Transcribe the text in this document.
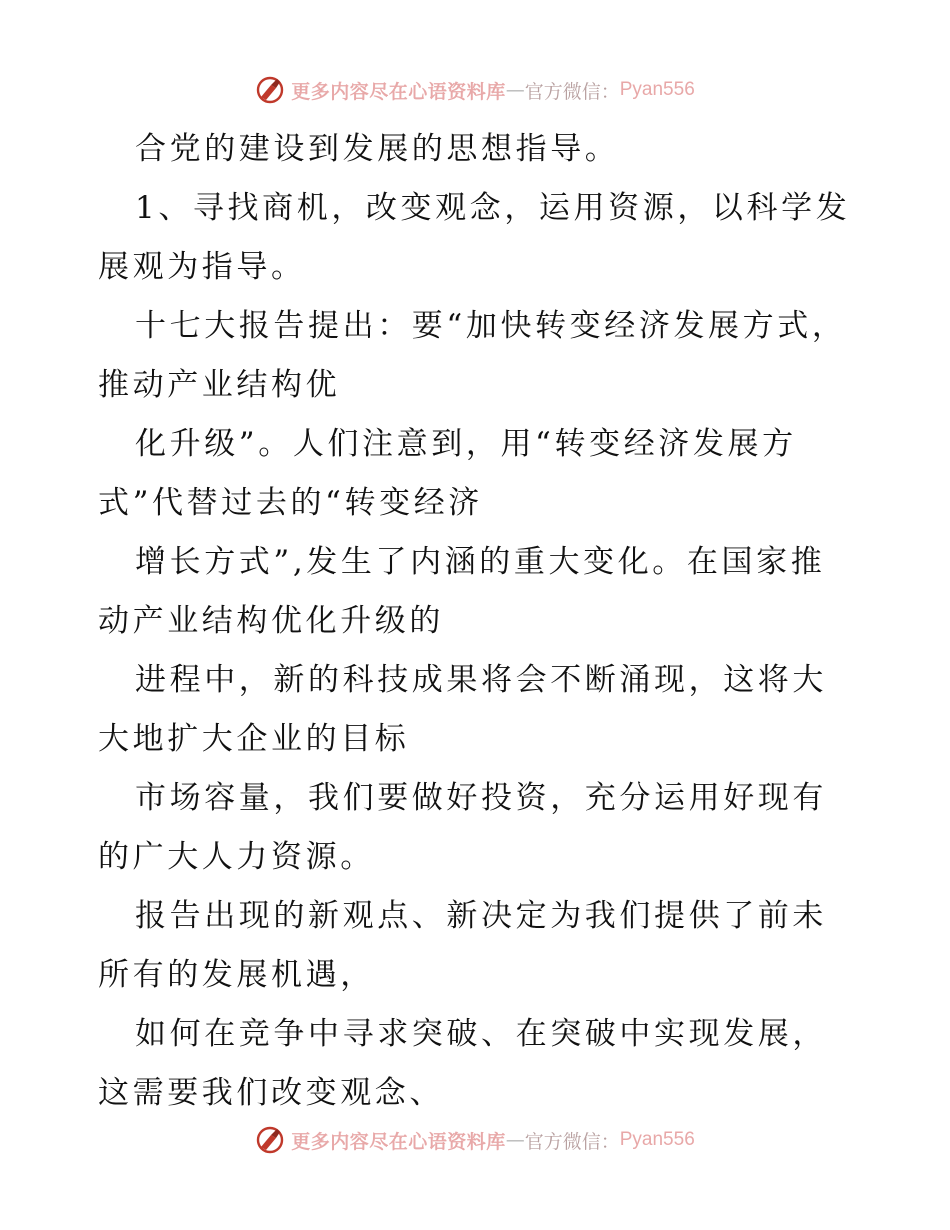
更多内容尽在心语资料库 — 官方微信： Pyan556

合党的建设到发展的思想指导。

1、寻找商机，改变观念，运用资源，以科学发展观为指导。

十七大报告提出：要“加快转变经济发展方式，推动产业结构优

化升级”。人们注意到，用“转变经济发展方式”代替过去的“转变经济

增长方式”,发生了内涵的重大变化。在国家推动产业结构优化升级的

进程中，新的科技成果将会不断涌现，这将大大地扩大企业的目标

市场容量，我们要做好投资，充分运用好现有的广大人力资源。

报告出现的新观点、新决定为我们提供了前未所有的发展机遇，

如何在竞争中寻求突破、在突破中实现发展，这需要我们改变观念、

更多内容尽在心语资料库 — 官方微信： Pyan556
